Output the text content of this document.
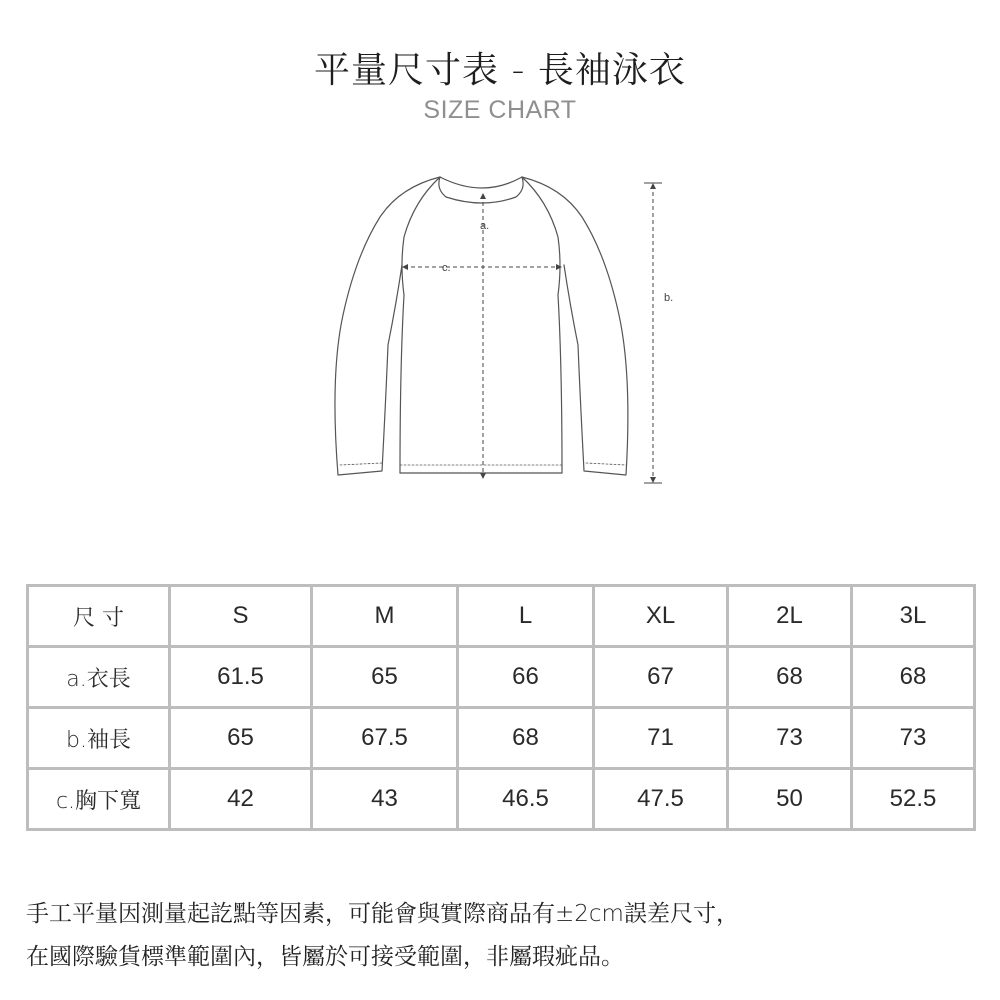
平量尺寸表 - 長袖泳衣
SIZE CHART
a.
c.
b.
尺 寸	S	M	L	XL	2L	3L
a.衣長	61.5	65	66	67	68	68
b.袖長	65	67.5	68	71	73	73
c.胸下寬	42	43	46.5	47.5	50	52.5

手工平量因測量起訖點等因素，可能會與實際商品有±2cm誤差尺寸，

在國際驗貨標準範圍內，皆屬於可接受範圍，非屬瑕疵品。
